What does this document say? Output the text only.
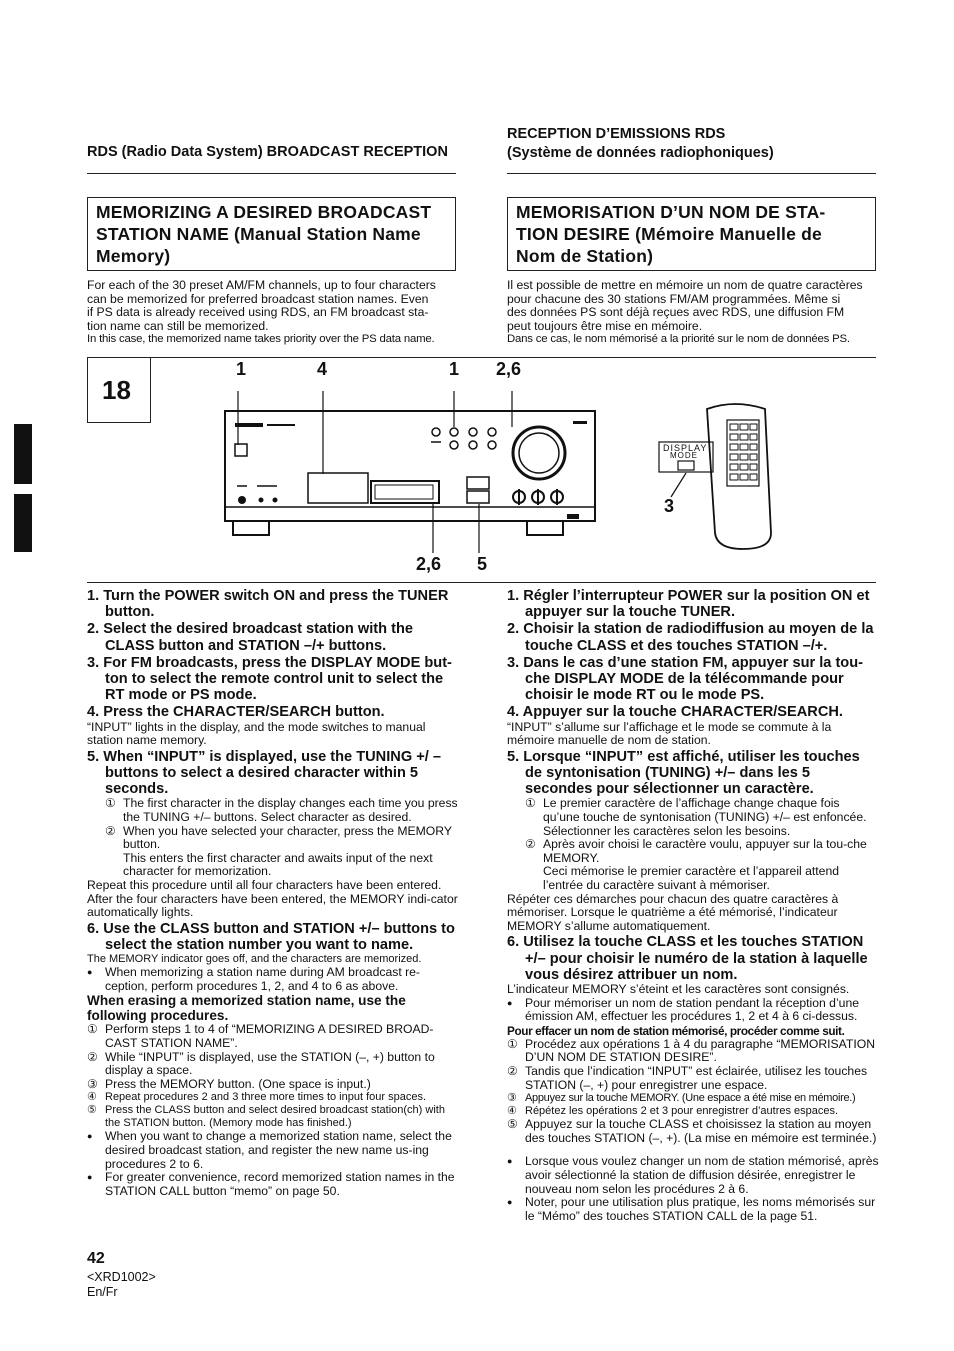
RDS (Radio Data System) BROADCAST RECEPTION
RECEPTION D’EMISSIONS RDS
(Système de données radiophoniques)
MEMORIZING A DESIRED BROADCAST
STATION NAME (Manual Station Name
Memory)
MEMORISATION D’UN NOM DE STA-
TION DESIRE (Mémoire Manuelle de
Nom de Station)
For each of the 30 preset AM/FM channels, up to four characters
can be memorized for preferred broadcast station names. Even
if PS data is already received using RDS, an FM broadcast sta-
tion name can still be memorized.
In this case, the memorized name takes priority over the PS data name.
Il est possible de mettre en mémoire un nom de quatre caractères
pour chacune des 30 stations FM/AM programmées. Même si
des données PS sont déjà reçues avec RDS, une diffusion FM
peut toujours être mise en mémoire.
Dans ce cas, le nom mémorisé a la priorité sur le nom de données PS.
18
DISPLAY
MODE
1	4	1 2,6
2,6 5
3
1. Turn the POWER switch ON and press the TUNER button.
2. Select the desired broadcast station with the CLASS button and STATION –/+ buttons.
3. For FM broadcasts, press the DISPLAY MODE but-ton to select the remote control unit to select the RT mode or PS mode.
4. Press the CHARACTER/SEARCH button.
“INPUT” lights in the display, and the mode switches to manual station name memory.
5. When “INPUT” is displayed, use the TUNING +/ – buttons to select a desired character within 5 seconds.
① The first character in the display changes each time you press the TUNING +/– buttons. Select character as desired.
② When you have selected your character, press the MEMORY button.
This enters the first character and awaits input of the next character for memorization.
Repeat this procedure until all four characters have been entered. After the four characters have been entered, the MEMORY indi-cator automatically lights.
6. Use the CLASS button and STATION +/– buttons to select the station number you want to name.
The MEMORY indicator goes off, and the characters are memorized.
● When memorizing a station name during AM broadcast re-ception, perform procedures 1, 2, and 4 to 6 as above.
When erasing a memorized station name, use the following procedures.
① Perform steps 1 to 4 of “MEMORIZING A DESIRED BROAD-CAST STATION NAME”.
② While “INPUT” is displayed, use the STATION (–, +) button to display a space.
③ Press the MEMORY button. (One space is input.)
④ Repeat procedures 2 and 3 three more times to input four spaces.
⑤ Press the CLASS button and select desired broadcast station(ch) with the STATION button. (Memory mode has finished.)
● When you want to change a memorized station name, select the desired broadcast station, and register the new name us-ing procedures 2 to 6.
● For greater convenience, record memorized station names in the STATION CALL button “memo” on page 50.
1. Régler l’interrupteur POWER sur la position ON et appuyer sur la touche TUNER.
2. Choisir la station de radiodiffusion au moyen de la touche CLASS et des touches STATION –/+.
3. Dans le cas d’une station FM, appuyer sur la tou-che DISPLAY MODE de la télécommande pour choisir le mode RT ou le mode PS.
4. Appuyer sur la touche CHARACTER/SEARCH.
“INPUT” s’allume sur l’affichage et le mode se commute à la mémoire manuelle de nom de station.
5. Lorsque “INPUT” est affiché, utiliser les touches de syntonisation (TUNING) +/– dans les 5 secondes pour sélectionner un caractère.
① Le premier caractère de l’affichage change chaque fois qu’une touche de syntonisation (TUNING) +/– est enfoncée. Sélectionner les caractères selon les besoins.
② Après avoir choisi le caractère voulu, appuyer sur la tou-che MEMORY.
Ceci mémorise le premier caractère et l’appareil attend l’entrée du caractère suivant à mémoriser.
Répéter ces démarches pour chacun des quatre caractères à mémoriser. Lorsque le quatrième a été mémorisé, l’indicateur MEMORY s’allume automatiquement.
6. Utilisez la touche CLASS et les touches STATION +/– pour choisir le numéro de la station à laquelle vous désirez attribuer un nom.
L’indicateur MEMORY s’éteint et les caractères sont consignés.
● Pour mémoriser un nom de station pendant la réception d’une émission AM, effectuer les procédures 1, 2 et 4 à 6 ci-dessus.
Pour effacer un nom de station mémorisé, procéder comme suit.
① Procédez aux opérations 1 à 4 du paragraphe “MEMORISATION D’UN NOM DE STATION DESIRE”.
② Tandis que l’indication “INPUT” est éclairée, utilisez les touches STATION (–, +) pour enregistrer une espace.
③ Appuyez sur la touche MEMORY. (Une espace a été mise en mémoire.)
④ Répétez les opérations 2 et 3 pour enregistrer d’autres espaces.
⑤ Appuyez sur la touche CLASS et choisissez la station au moyen des touches STATION (–, +). (La mise en mémoire est terminée.)
● Lorsque vous voulez changer un nom de station mémorisé, après avoir sélectionné la station de diffusion désirée, enregistrer le nouveau nom selon les procédures 2 à 6.
● Noter, pour une utilisation plus pratique, les noms mémorisés sur le “Mémo” des touches STATION CALL de la page 51.
42
<XRD1002>
En/Fr
